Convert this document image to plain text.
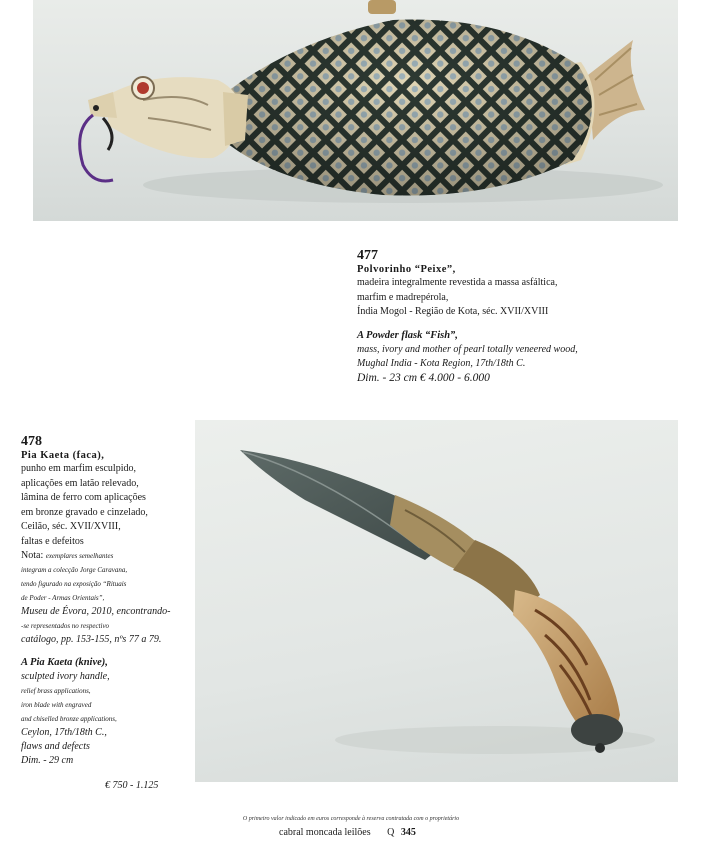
477
Polvorinho “Peixe”,
madeira integralmente revestida a massa asfáltica,
marfim e madrepérola,
Índia Mogol - Região de Kota, séc. XVII/XVIII
A Powder flask “Fish”,
mass, ivory and mother of pearl totally veneered wood,
Mughal India - Kota Region, 17th/18th C.
Dim. - 23 cm € 4.000 - 6.000
478
Pia Kaeta (faca),
punho em marfim esculpido,
aplicações em latão relevado,
lâmina de ferro com aplicações
em bronze gravado e cinzelado,
Ceilão, séc. XVII/XVIII,
faltas e defeitos
Nota: exemplares semelhantes
integram a colecção Jorge Caravana,
tendo figurado na exposição “Rituais
de Poder - Armas Orientais”,
Museu de Évora, 2010, encontrando-
-se representados no respectivo
catálogo, pp. 153-155, nºs 77 a 79.
A Pia Kaeta (knive),
sculpted ivory handle,
relief brass applications,
iron blade with engraved
and chiselled bronze applications,
Ceylon, 17th/18th C.,
flaws and defects
Dim. - 29 cm
€ 750 - 1.125
O primeiro valor indicado em euros corresponde à reserva contratada com o proprietário
cabral moncada leilões Q 345
